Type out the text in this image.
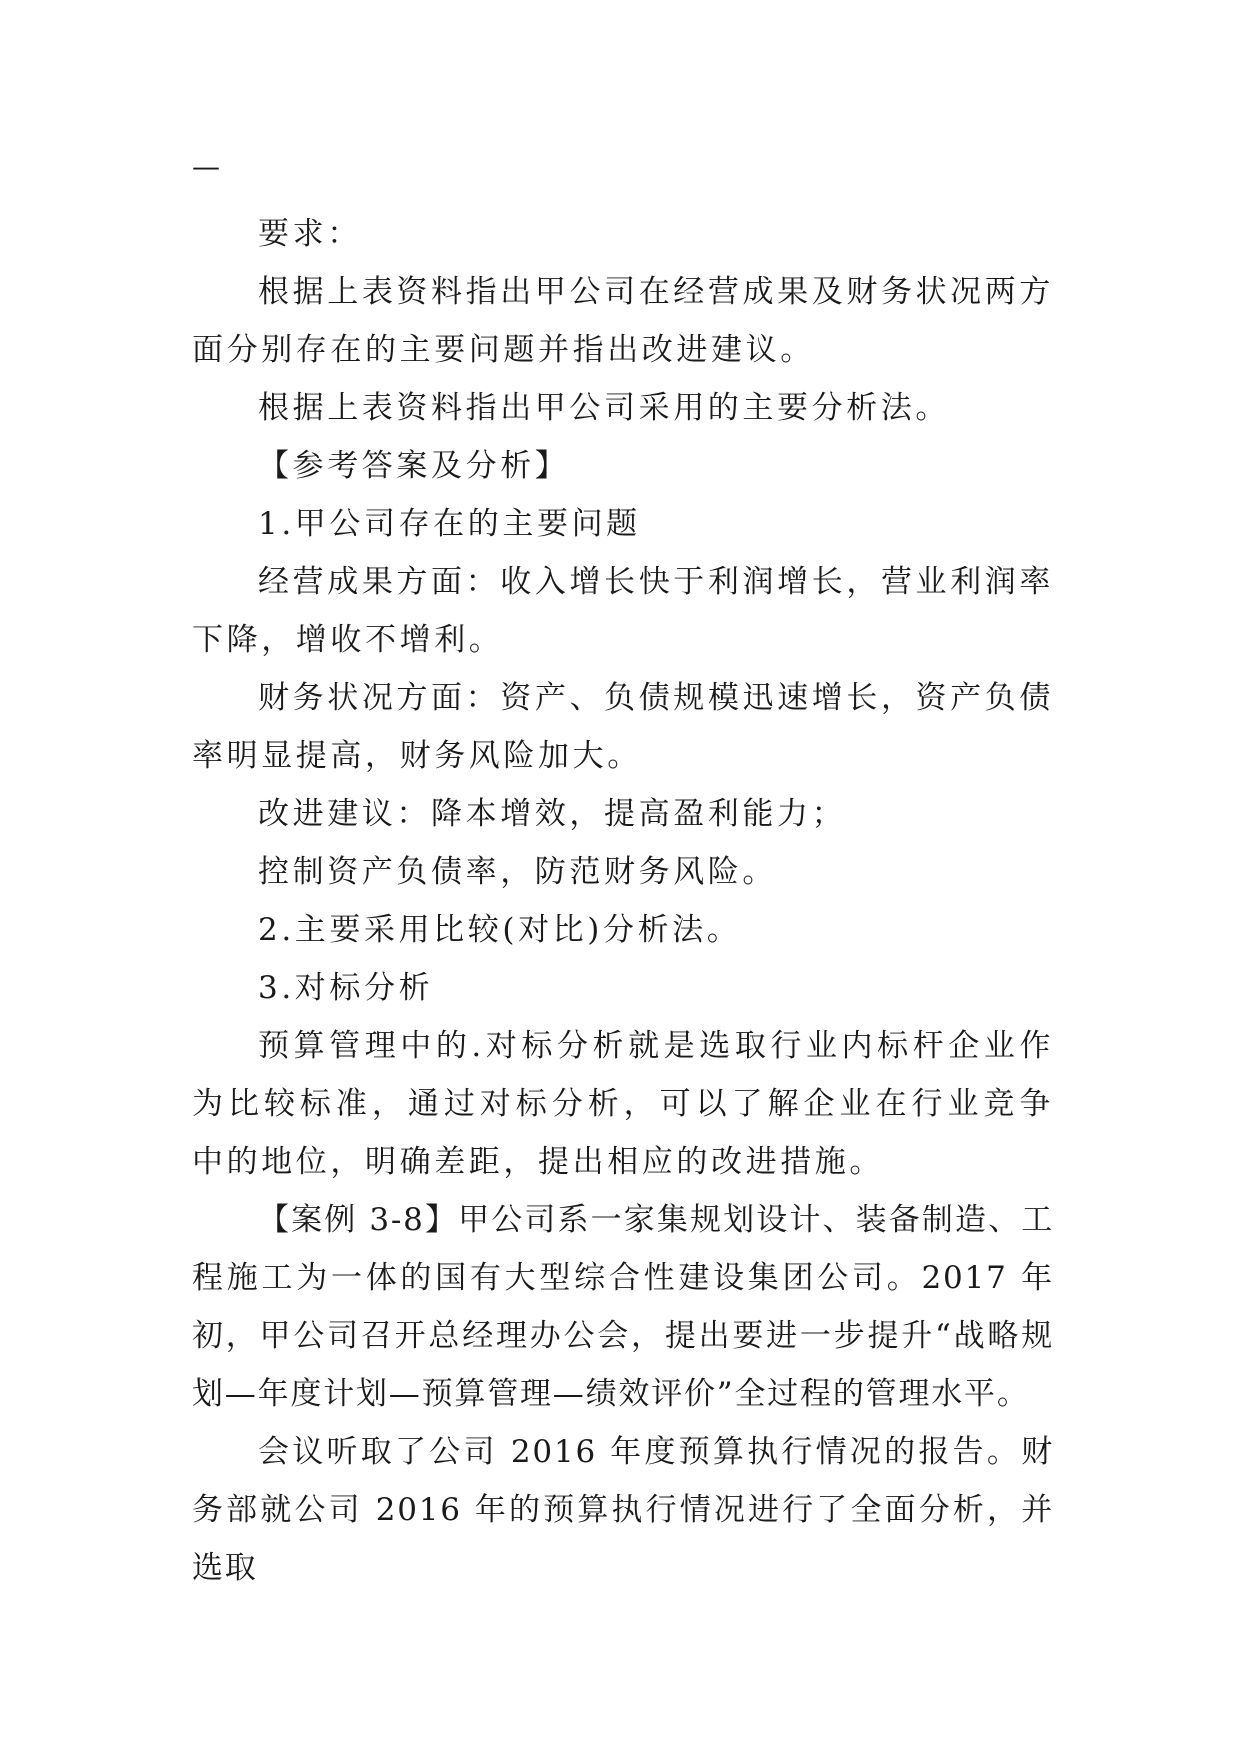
—

要求：

根据上表资料指出甲公司在经营成果及财务状况两方面分别存在的主要问题并指出改进建议。

根据上表资料指出甲公司采用的主要分析法。

【参考答案及分析】

1.甲公司存在的主要问题

经营成果方面：收入增长快于利润增长，营业利润率下降，增收不增利。

财务状况方面：资产、负债规模迅速增长，资产负债率明显提高，财务风险加大。

改进建议：降本增效，提高盈利能力；

控制资产负债率，防范财务风险。

2.主要采用比较(对比)分析法。

3.对标分析

预算管理中的.对标分析就是选取行业内标杆企业作为比较标准，通过对标分析，可以了解企业在行业竞争中的地位，明确差距，提出相应的改进措施。

【案例 3-8】甲公司系一家集规划设计、装备制造、工程施工为一体的国有大型综合性建设集团公司。2017 年初，甲公司召开总经理办公会，提出要进一步提升“战略规划—年度计划—预算管理—绩效评价”全过程的管理水平。

会议听取了公司 2016 年度预算执行情况的报告。财务部就公司 2016 年的预算执行情况进行了全面分析，并选取
